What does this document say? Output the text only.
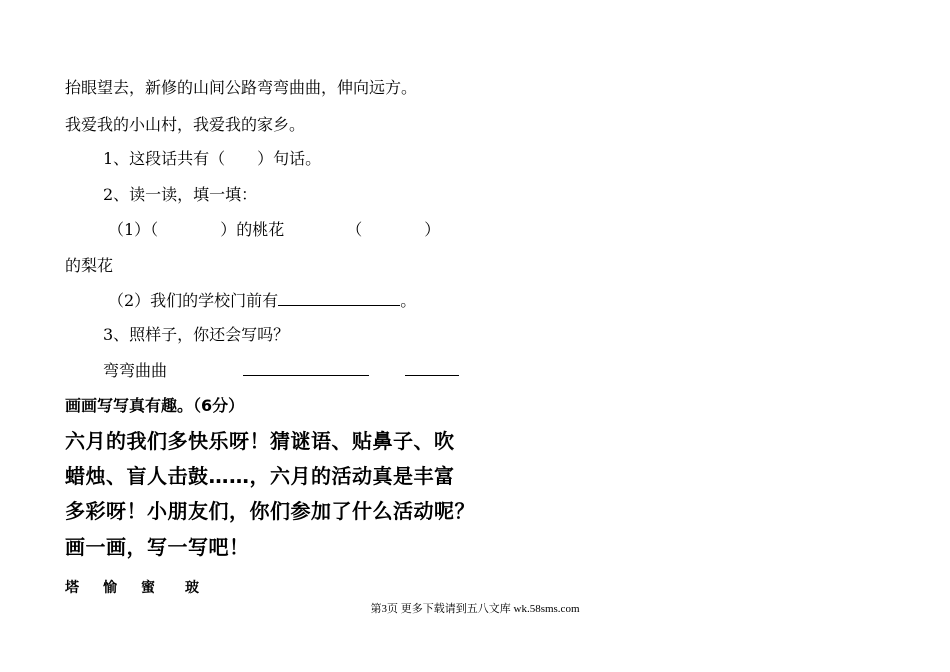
抬眼望去，新修的山间公路弯弯曲曲，伸向远方。
我爱我的小山村，我爱我的家乡。
1、这段话共有（　　）句话。
2、读一读，填一填：
（1）（	）的桃花	（	）
的梨花
（2）我们的学校门前有	。
3、照样子，你还会写吗？
弯弯曲曲
画画写写真有趣。（6分）
六月的我们多快乐呀！猜谜语、贴鼻子、吹
蜡烛、盲人击鼓……，六月的活动真是丰富
多彩呀！小朋友们，你们参加了什么活动呢？
画一画，写一写吧！
塔 愉 蜜 玻
第3页 更多下载请到五八文库 wk.58sms.com
